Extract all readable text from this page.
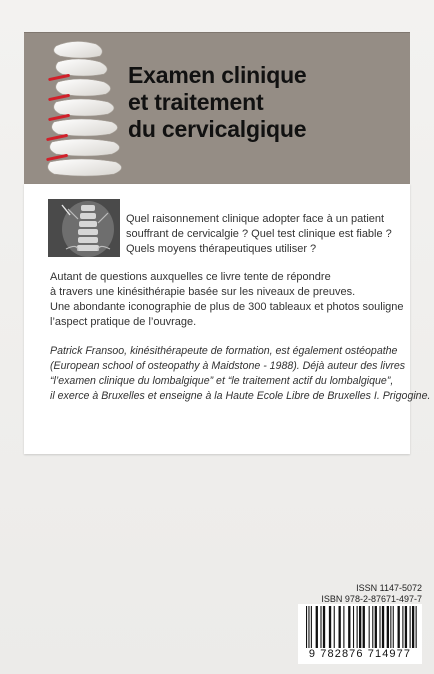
Examen clinique
et traitement
du cervicalgique
Quel raisonnement clinique adopter face à un patient
souffrant de cervicalgie ? Quel test clinique est fiable ?
Quels moyens thérapeutiques utiliser ?
Autant de questions auxquelles ce livre tente de répondre
à travers une kinésithérapie basée sur les niveaux de preuves.
Une abondante iconographie de plus de 300 tableaux et photos souligne
l’aspect pratique de l’ouvrage.
Patrick Fransoo, kinésithérapeute de formation, est également ostéopathe
(European school of osteopathy à Maidstone - 1988). Déjà auteur des livres
“l’examen clinique du lombalgique” et “le traitement actif du lombalgique”,
il exerce à Bruxelles et enseigne à la Haute Ecole Libre de Bruxelles I. Prigogine.
ISSN 1147-5072
ISBN 978-2-87671-497-7
9 782876 714977
